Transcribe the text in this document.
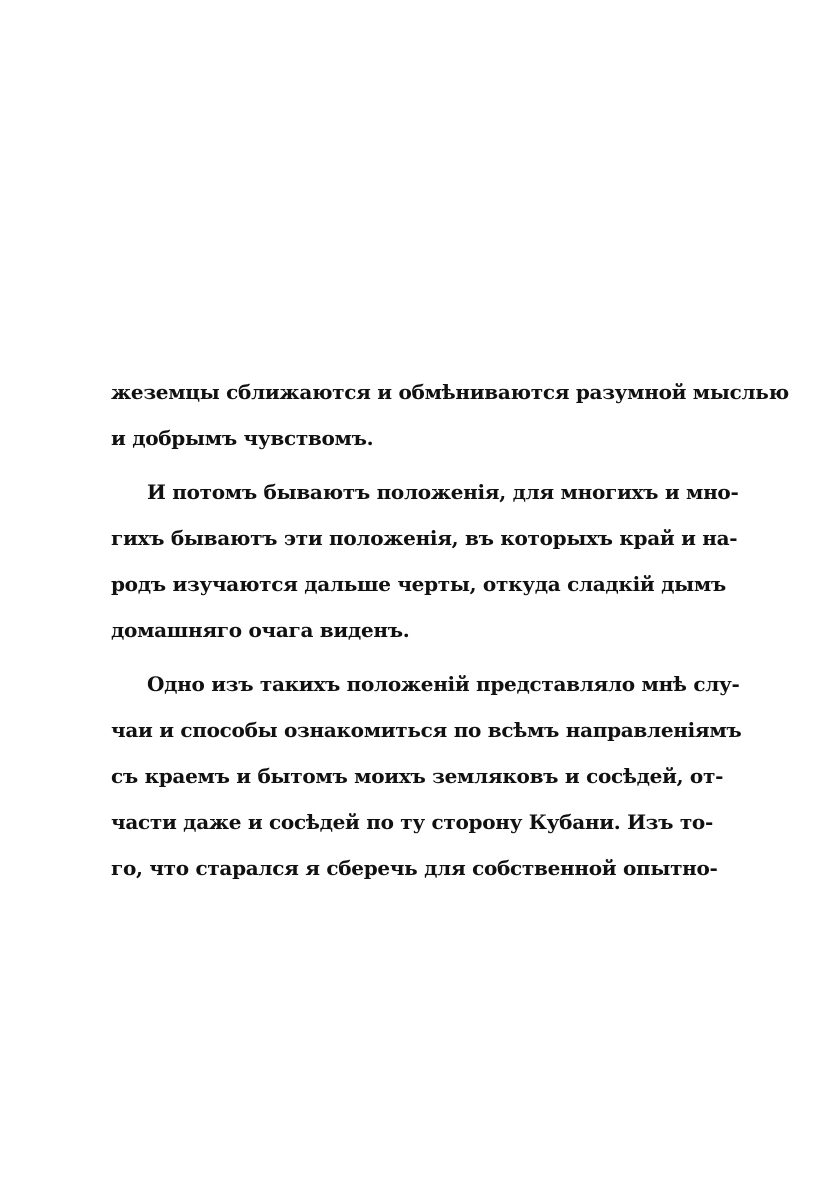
жеземцы сближаются и обмѣниваются разумной мыслью
и добрымъ чувствомъ.
И потомъ бываютъ положенія, для многихъ и мно-
гихъ бываютъ эти положенія, въ которыхъ край и на-
родъ изучаются дальше черты, откуда сладкій дымъ
домашняго очага виденъ.
Одно изъ такихъ положеній представляло мнѣ слу-
чаи и способы ознакомиться по всѣмъ направленіямъ
съ краемъ и бытомъ моихъ земляковъ и сосѣдей, от-
части даже и сосѣдей по ту сторону Кубани. Изъ то-
го, что старался я сберечь для собственной опытно-
